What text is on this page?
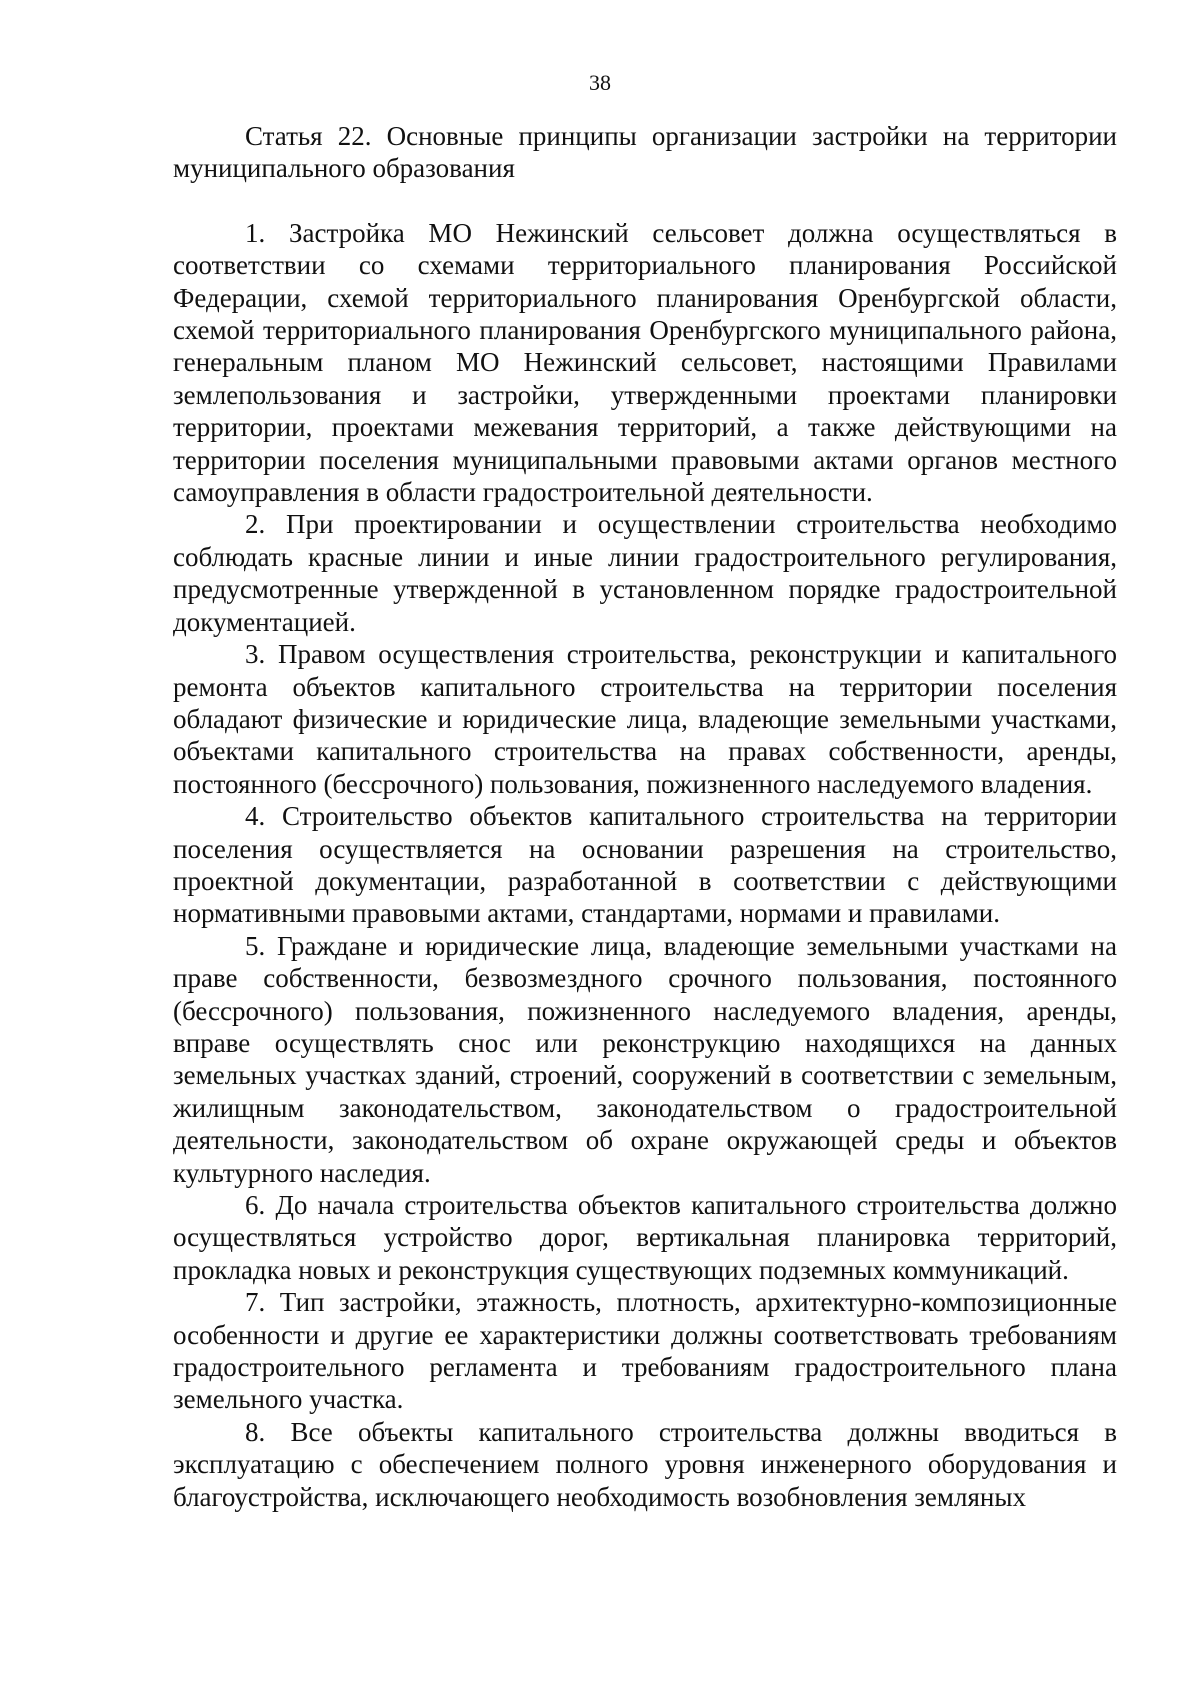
38
Статья 22. Основные принципы организации застройки на территории муниципального образования

1. Застройка МО Нежинский сельсовет должна осуществляться в соответствии со схемами территориального планирования Российской Федерации, схемой территориального планирования Оренбургской области, схемой территориального планирования Оренбургского муниципального района, генеральным планом МО Нежинский сельсовет, настоящими Правилами землепользования и застройки, утвержденными проектами планировки территории, проектами межевания территорий, а также действующими на территории поселения муниципальными правовыми актами органов местного самоуправления в области градостроительной деятельности.

2. При проектировании и осуществлении строительства необходимо соблюдать красные линии и иные линии градостроительного регулирования, предусмотренные утвержденной в установленном порядке градостроительной документацией.

3. Правом осуществления строительства, реконструкции и капитального ремонта объектов капитального строительства на территории поселения обладают физические и юридические лица, владеющие земельными участками, объектами капитального строительства на правах собственности, аренды, постоянного (бессрочного) пользования, пожизненного наследуемого владения.

4. Строительство объектов капитального строительства на территории поселения осуществляется на основании разрешения на строительство, проектной документации, разработанной в соответствии с действующими нормативными правовыми актами, стандартами, нормами и правилами.

5. Граждане и юридические лица, владеющие земельными участками на праве собственности, безвозмездного срочного пользования, постоянного (бессрочного) пользования, пожизненного наследуемого владения, аренды, вправе осуществлять снос или реконструкцию находящихся на данных земельных участках зданий, строений, сооружений в соответствии с земельным, жилищным законодательством, законодательством о градостроительной деятельности, законодательством об охране окружающей среды и объектов культурного наследия.

6. До начала строительства объектов капитального строительства должно осуществляться устройство дорог, вертикальная планировка территорий, прокладка новых и реконструкция существующих подземных коммуникаций.

7. Тип застройки, этажность, плотность, архитектурно-композиционные особенности и другие ее характеристики должны соответствовать требованиям градостроительного регламента и требованиям градостроительного плана земельного участка.

8. Все объекты капитального строительства должны вводиться в эксплуатацию с обеспечением полного уровня инженерного оборудования и благоустройства, исключающего необходимость возобновления земляных
